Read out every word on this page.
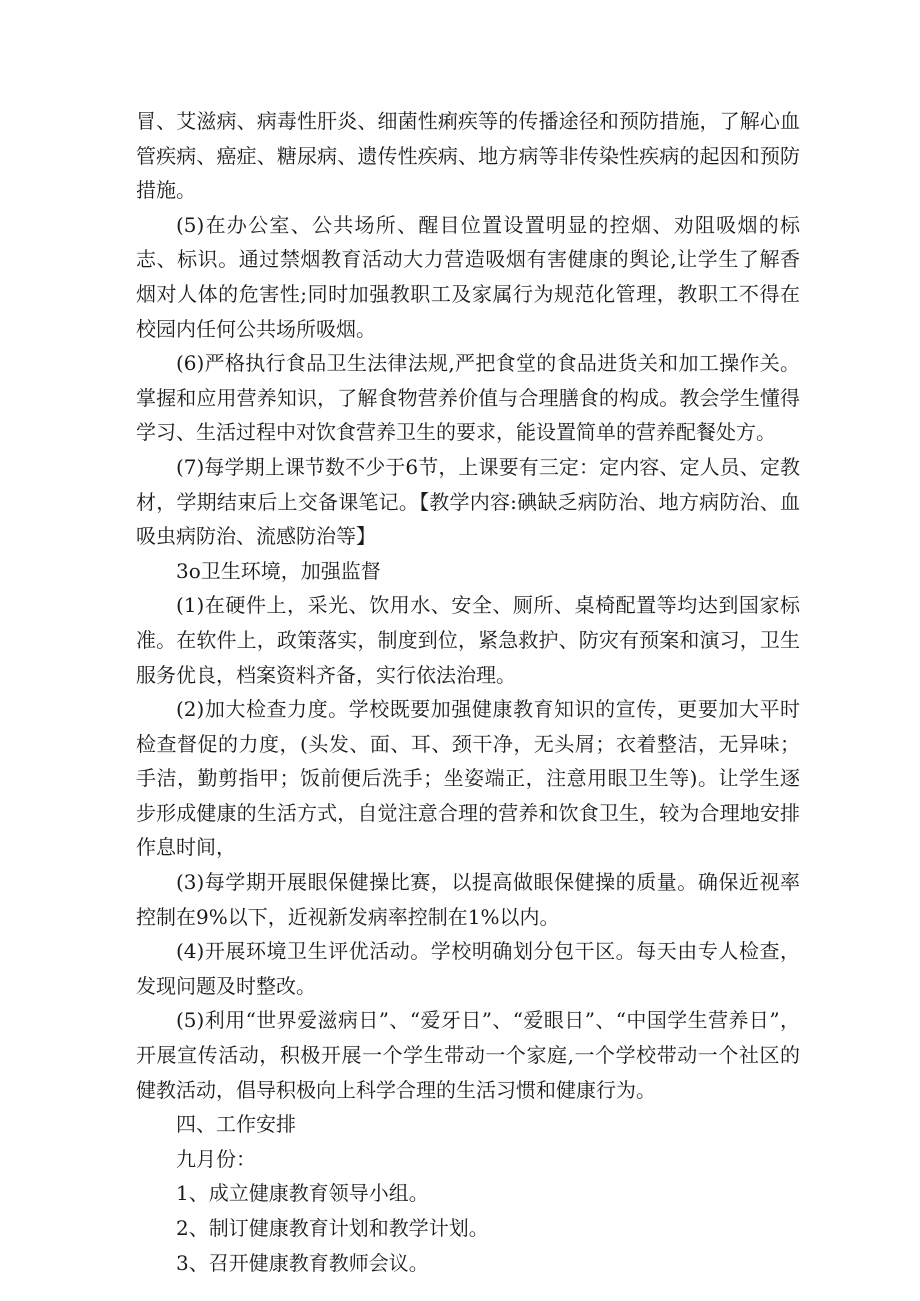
冒、艾滋病、病毒性肝炎、细菌性痢疾等的传播途径和预防措施，了解心血管疾病、癌症、糖尿病、遗传性疾病、地方病等非传染性疾病的起因和预防措施。

(5)在办公室、公共场所、醒目位置设置明显的控烟、劝阻吸烟的标志、标识。通过禁烟教育活动大力营造吸烟有害健康的舆论,让学生了解香烟对人体的危害性;同时加强教职工及家属行为规范化管理，教职工不得在校园内任何公共场所吸烟。

(6)严格执行食品卫生法律法规,严把食堂的食品进货关和加工操作关。掌握和应用营养知识，了解食物营养价值与合理膳食的构成。教会学生懂得学习、生活过程中对饮食营养卫生的要求，能设置简单的营养配餐处方。

(7)每学期上课节数不少于6节，上课要有三定：定内容、定人员、定教材，学期结束后上交备课笔记。【教学内容:碘缺乏病防治、地方病防治、血吸虫病防治、流感防治等】

3o卫生环境，加强监督

(1)在硬件上，采光、饮用水、安全、厕所、桌椅配置等均达到国家标准。在软件上，政策落实，制度到位，紧急救护、防灾有预案和演习，卫生服务优良，档案资料齐备，实行依法治理。

(2)加大检查力度。学校既要加强健康教育知识的宣传，更要加大平时检查督促的力度，(头发、面、耳、颈干净，无头屑；衣着整洁，无异味；手洁，勤剪指甲；饭前便后洗手；坐姿端正，注意用眼卫生等)。让学生逐步形成健康的生活方式，自觉注意合理的营养和饮食卫生，较为合理地安排作息时间，

(3)每学期开展眼保健操比赛，以提高做眼保健操的质量。确保近视率控制在9%以下，近视新发病率控制在1%以内。

(4)开展环境卫生评优活动。学校明确划分包干区。每天由专人检查，发现问题及时整改。

(5)利用“世界爱滋病日”、“爱牙日”、“爱眼日”、“中国学生营养日”，开展宣传活动，积极开展一个学生带动一个家庭,一个学校带动一个社区的健教活动，倡导积极向上科学合理的生活习惯和健康行为。

四、工作安排

九月份：

1、成立健康教育领导小组。

2、制订健康教育计划和教学计划。

3、召开健康教育教师会议。
